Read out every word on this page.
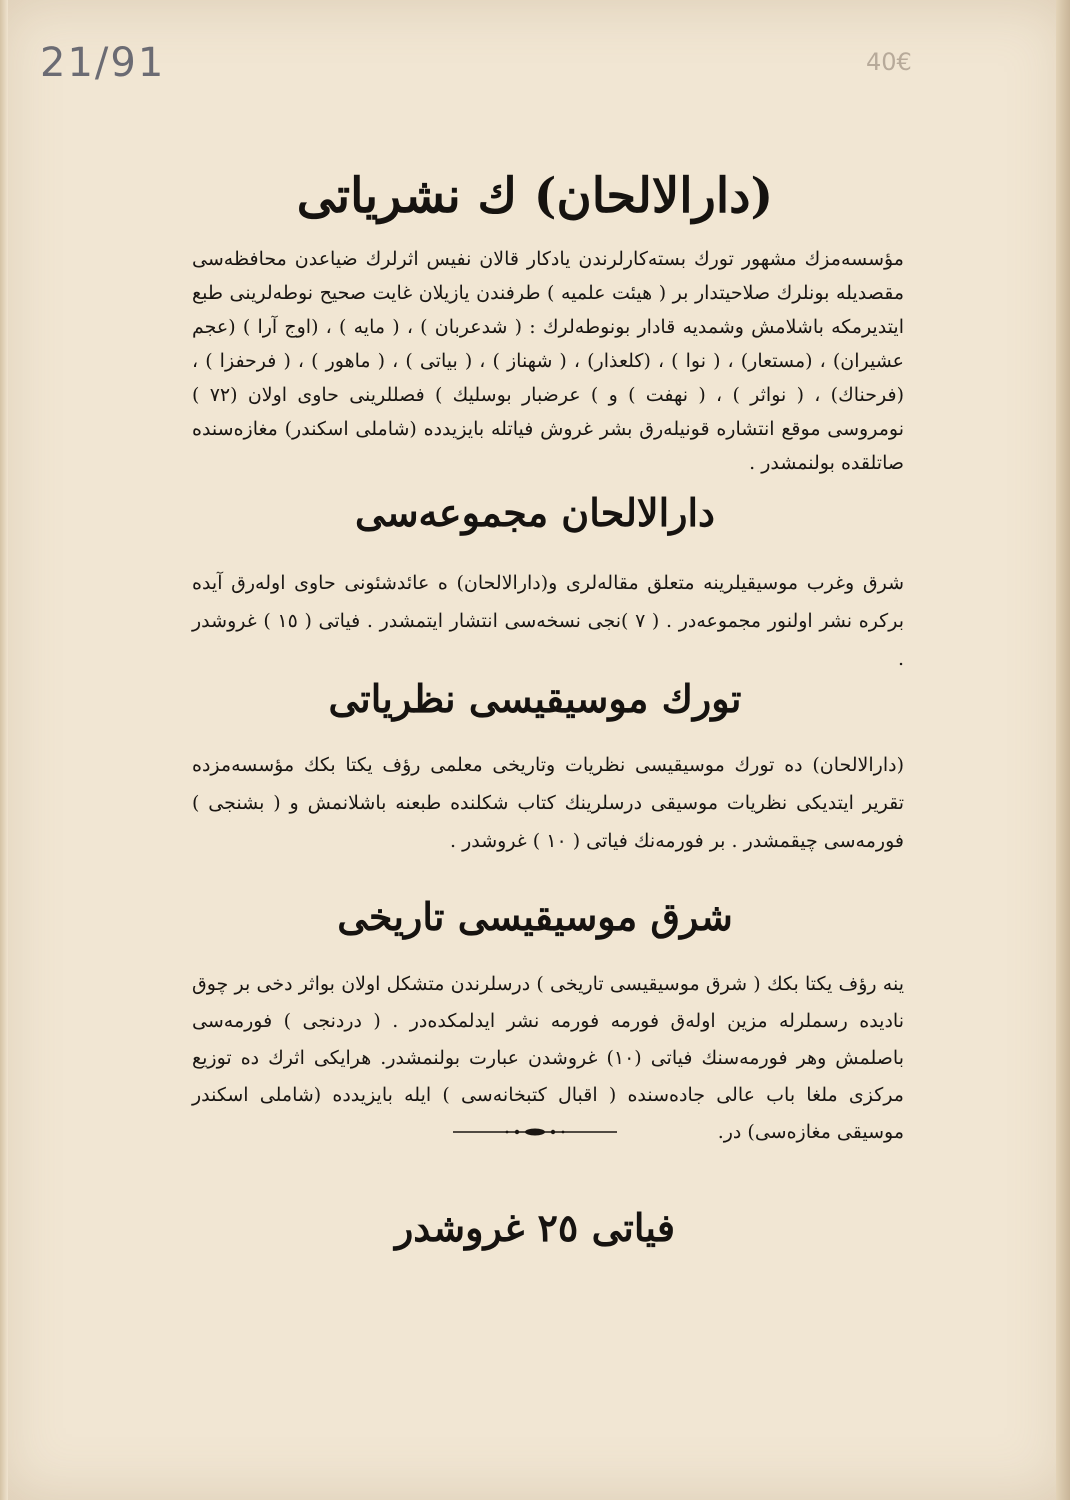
21/91	40€
(دارالالحان) ك نشرياتى
مؤسسه‌مزك مشهور تورك بسته‌كارلرندن يادكار قالان نفيس اثرلرك ضياعدن محافظه‌سى مقصديله بونلرك صلاحيتدار بر ( هيئت علميه ) طرفندن يازيلان غايت صحيح نوطه‌لرينى طبع ايتديرمكه باشلامش وشمديه قادار بونوطه‌لرك : ( شدعربان ) ، ( مايه ) ، (اوج آرا ) (عجم عشيران) ، (مستعار) ، ( نوا ) ، (كلعذار) ، ( شهناز ) ، ( بياتى ) ، ( ماهور ) ، ( فرحفزا ) ، (فرحناك) ، ( نواثر ) ، ( نهفت ) و ) عرضبار بوسليك ) فصللرينى حاوى اولان (٧٢ ) نومروسى موقع انتشاره قونيله‌رق بشر غروش فياتله بايزيدده (شاملى اسكندر) مغازه‌سنده صاتلقده بولنمشدر .
دارالالحان مجموعه‌سى
شرق وغرب موسيقيلرينه متعلق مقاله‌لرى و(دارالالحان) ه عائدشئونى حاوى اوله‌رق آيده بركره نشر اولنور مجموعه‌در . ( ٧ )نجى نسخه‌سى انتشار ايتمشدر . فياتى ( ١٥ ) غروشدر .
تورك موسيقيسى نظرياتى
(دارالالحان) ده تورك موسيقيسى نظريات وتاريخى معلمى رؤف يكتا بكك مؤسسه‌مزده تقرير ايتديكى نظريات موسيقى درسلرينك كتاب شكلنده طبعنه باشلانمش و ( بشنجى ) فورمه‌سى چيقمشدر . بر فورمه‌نك فياتى ( ١٠ ) غروشدر .
شرق موسيقيسى تاريخى
ينه رؤف يكتا بكك ( شرق موسيقيسى تاريخى ) درسلرندن متشكل اولان بواثر دخى بر چوق ناديده رسملرله مزين اوله‌ق فورمه فورمه نشر ايدلمكده‌در . ( دردنجى ) فورمه‌سى باصلمش وهر فورمه‌سنك فياتى (١٠) غروشدن عبارت بولنمشدر. هرايكى اثرك ده توزيع مركزى ملغا باب عالى جاده‌سنده ( اقبال كتبخانه‌سى ) ايله بايزيدده (شاملى اسكندر موسيقى مغازه‌سى) در.
فياتى ٢٥ غروشدر
